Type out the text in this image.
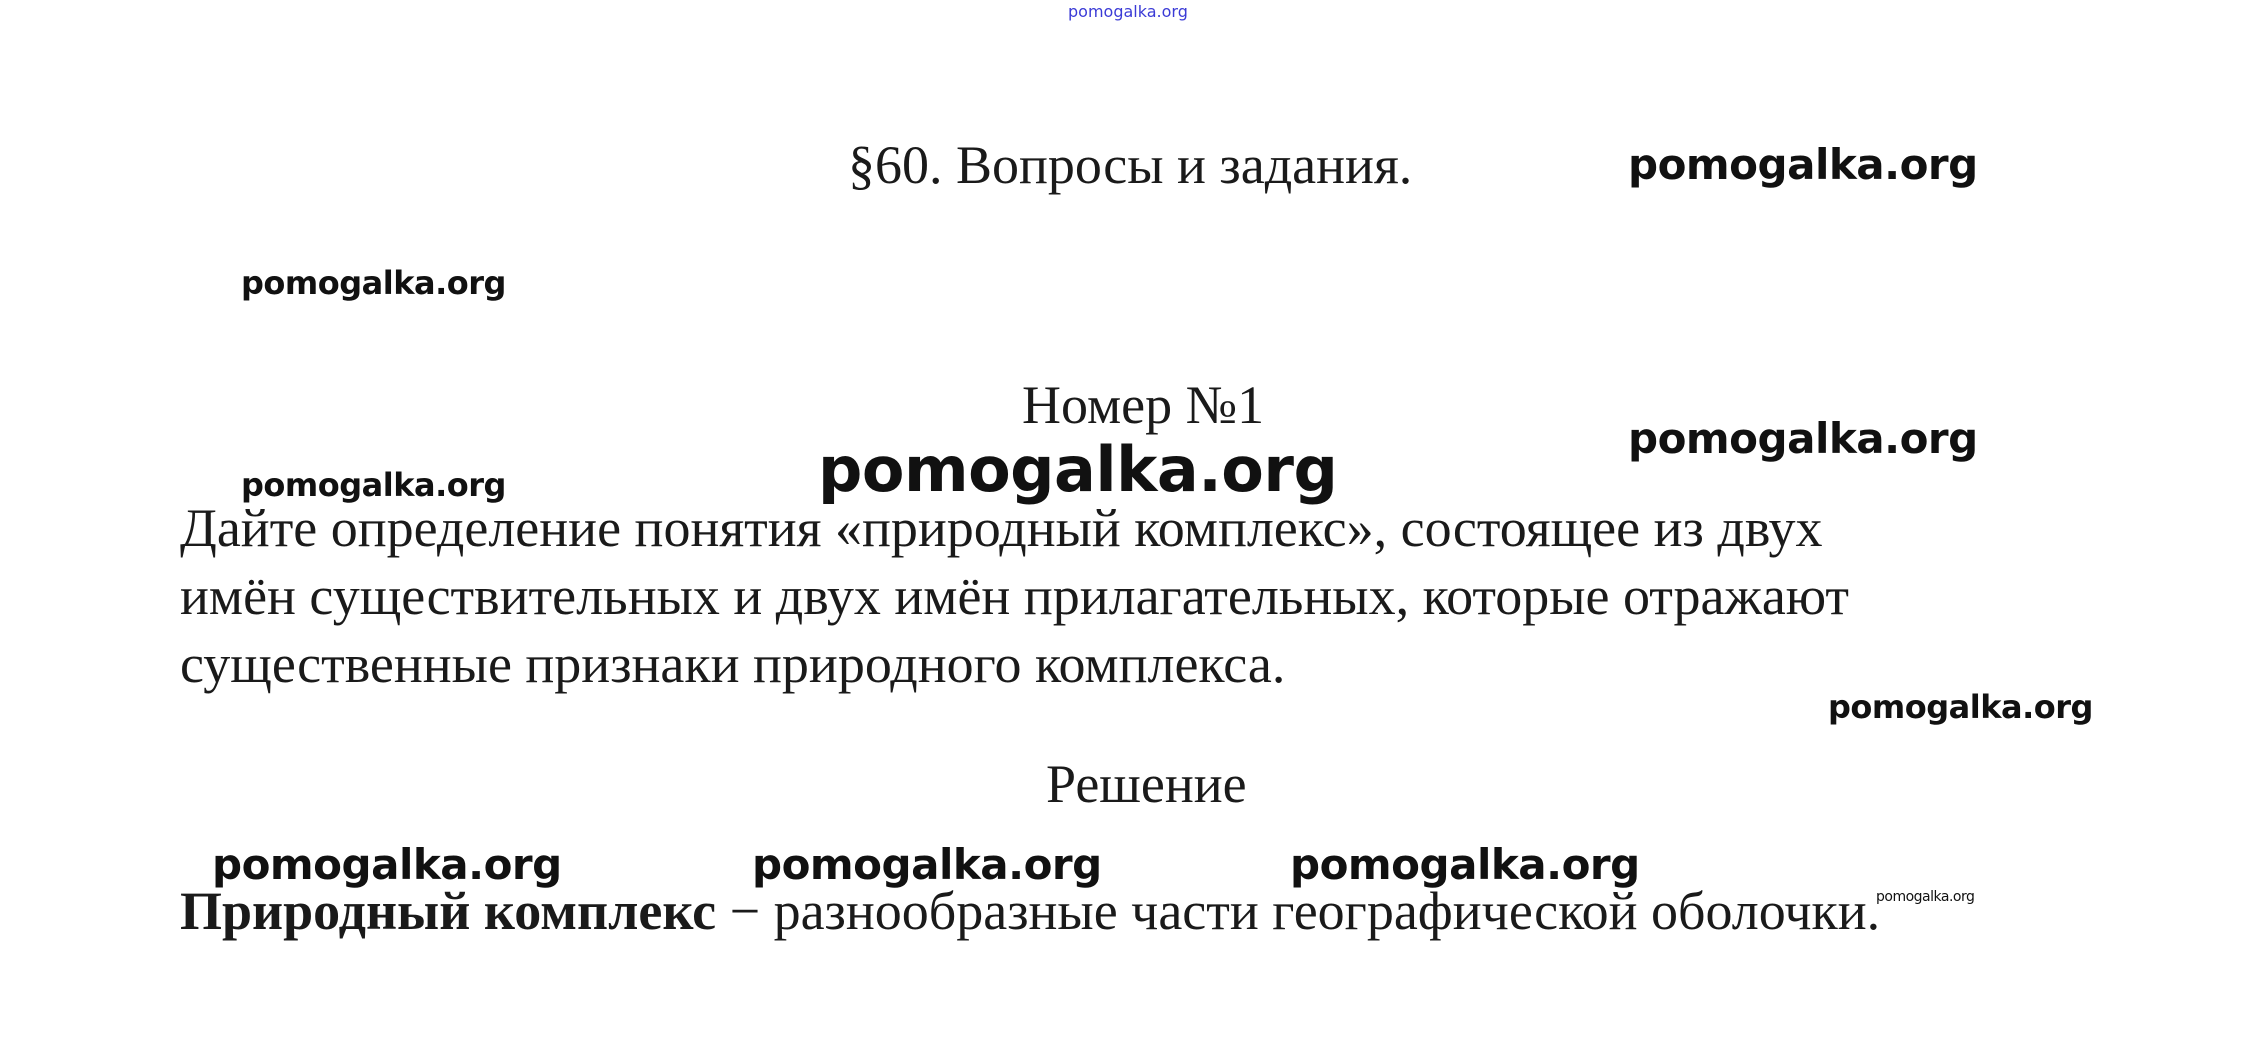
pomogalka.org
§60. Вопросы и задания.
Номер №1
Дайте определение понятия «природный комплекс», состоящее из двух
имён существительных и двух имён прилагательных, которые отражают
существенные признаки природного комплекса.
Решение
Природный комплекс − разнообразные части географической оболочки.
pomogalka.org
pomogalka.org
pomogalka.org
pomogalka.org	pomogalka.org
pomogalka.org
pomogalka.org	pomogalka.org	pomogalka.org
pomogalka.org
